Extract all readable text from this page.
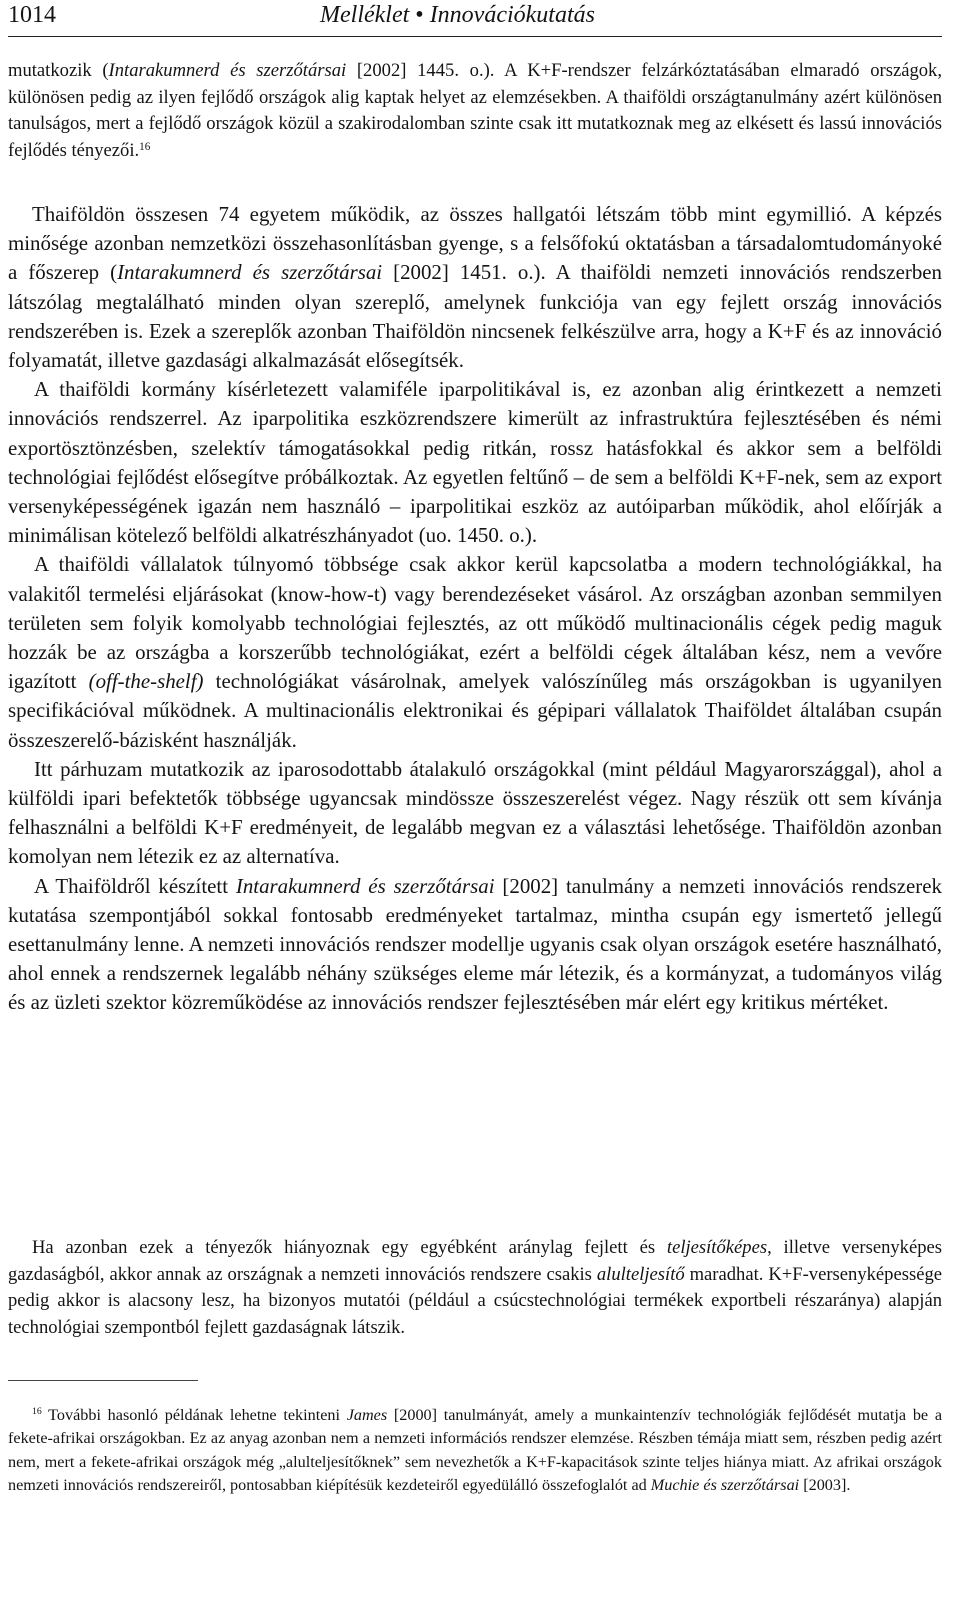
1014	Melléklet • Innovációkutatás

mutatkozik (Intarakumnerd és szerzőtársai [2002] 1445. o.). A K+F-rendszer felzárkóztatásában elmaradó országok, különösen pedig az ilyen fejlődő országok alig kaptak helyet az elemzésekben. A thaiföldi országtanulmány azért különösen tanulságos, mert a fejlődő országok közül a szakirodalomban szinte csak itt mutatkoznak meg az elkésett és lassú innovációs fejlődés tényezői.$^{16}$

Thaiföldön összesen 74 egyetem működik, az összes hallgatói létszám több mint egymillió. A képzés minősége azonban nemzetközi összehasonlításban gyenge, s a felsőfokú oktatásban a társadalomtudományoké a főszerep (Intarakumnerd és szerzőtársai [2002] 1451. o.). A thaiföldi nemzeti innovációs rendszerben látszólag megtalálható minden olyan szereplő, amelynek funkciója van egy fejlett ország innovációs rendszerében is. Ezek a szereplők azonban Thaiföldön nincsenek felkészülve arra, hogy a K+F és az innováció folyamatát, illetve gazdasági alkalmazását elősegítsék.

A thaiföldi kormány kísérletezett valamiféle iparpolitikával is, ez azonban alig érintkezett a nemzeti innovációs rendszerrel. Az iparpolitika eszközrendszere kimerült az infrastruktúra fejlesztésében és némi exportösztönzésben, szelektív támogatásokkal pedig ritkán, rossz hatásfokkal és akkor sem a belföldi technológiai fejlődést elősegítve próbálkoztak. Az egyetlen feltűnő – de sem a belföldi K+F-nek, sem az export versenyképességének igazán nem használó – iparpolitikai eszköz az autóiparban működik, ahol előírják a minimálisan kötelező belföldi alkatrészhányadot (uo. 1450. o.).

A thaiföldi vállalatok túlnyomó többsége csak akkor kerül kapcsolatba a modern technológiákkal, ha valakitől termelési eljárásokat (know-how-t) vagy berendezéseket vásárol. Az országban azonban semmilyen területen sem folyik komolyabb technológiai fejlesztés, az ott működő multinacionális cégek pedig maguk hozzák be az országba a korszerűbb technológiákat, ezért a belföldi cégek általában kész, nem a vevőre igazított (off-the-shelf) technológiákat vásárolnak, amelyek valószínűleg más országokban is ugyanilyen specifikációval működnek. A multinacionális elektronikai és gépipari vállalatok Thaiföldet általában csupán összeszerelő-bázisként használják.

Itt párhuzam mutatkozik az iparosodottabb átalakuló országokkal (mint például Magyarországgal), ahol a külföldi ipari befektetők többsége ugyancsak mindössze összeszerelést végez. Nagy részük ott sem kívánja felhasználni a belföldi K+F eredményeit, de legalább megvan ez a választási lehetősége. Thaiföldön azonban komolyan nem létezik ez az alternatíva.

A Thaiföldről készített Intarakumnerd és szerzőtársai [2002] tanulmány a nemzeti innovációs rendszerek kutatása szempontjából sokkal fontosabb eredményeket tartalmaz, mintha csupán egy ismertető jellegű esettanulmány lenne. A nemzeti innovációs rendszer modellje ugyanis csak olyan országok esetére használható, ahol ennek a rendszernek legalább néhány szükséges eleme már létezik, és a kormányzat, a tudományos világ és az üzleti szektor közreműködése az innovációs rendszer fejlesztésében már elért egy kritikus mértéket.

Ha azonban ezek a tényezők hiányoznak egy egyébként aránylag fejlett és teljesítőképes, illetve versenyképes gazdaságból, akkor annak az országnak a nemzeti innovációs rendszere csakis alulteljesítő maradhat. K+F-versenyképessége pedig akkor is alacsony lesz, ha bizonyos mutatói (például a csúcstechnológiai termékek exportbeli részaránya) alapján technológiai szempontból fejlett gazdaságnak látszik.

$^{16}$ További hasonló példának lehetne tekinteni James [2000] tanulmányát, amely a munkaintenzív technológiák fejlődését mutatja be a fekete-afrikai országokban. Ez az anyag azonban nem a nemzeti információs rendszer elemzése. Részben témája miatt sem, részben pedig azért nem, mert a fekete-afrikai országok még „alulteljesítőknek” sem nevezhetők a K+F-kapacitások szinte teljes hiánya miatt. Az afrikai országok nemzeti innovációs rendszereiről, pontosabban kiépítésük kezdeteiről egyedülálló összefoglalót ad Muchie és szerzőtársai [2003].
